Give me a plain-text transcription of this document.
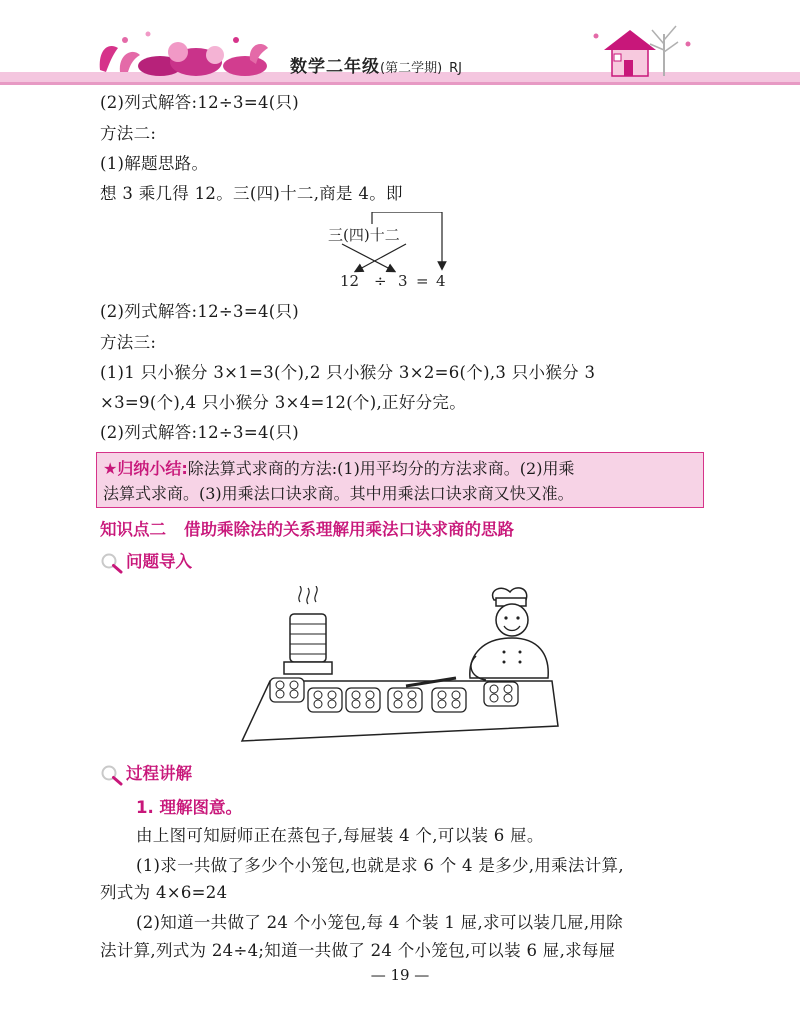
数学二年级(第二学期) RJ
(2)列式解答:12÷3=4(只)
方法二:
(1)解题思路。
想 3 乘几得 12。三(四)十二,商是 4。即
三(四)十二
12 ÷ 3 = 4
(2)列式解答:12÷3=4(只)
方法三:
(1)1 只小猴分 3×1=3(个),2 只小猴分 3×2=6(个),3 只小猴分 3
×3=9(个),4 只小猴分 3×4=12(个),正好分完。
(2)列式解答:12÷3=4(只)
★归纳小结:除法算式求商的方法:(1)用平均分的方法求商。(2)用乘
法算式求商。(3)用乘法口诀求商。其中用乘法口诀求商又快又准。
知识点二 借助乘除法的关系理解用乘法口诀求商的思路
问题导入
过程讲解
1. 理解图意。
由上图可知厨师正在蒸包子,每屉装 4 个,可以装 6 屉。
(1)求一共做了多少个小笼包,也就是求 6 个 4 是多少,用乘法计算,
列式为 4×6=24
(2)知道一共做了 24 个小笼包,每 4 个装 1 屉,求可以装几屉,用除
法计算,列式为 24÷4;知道一共做了 24 个小笼包,可以装 6 屉,求每屉
— 19 —
